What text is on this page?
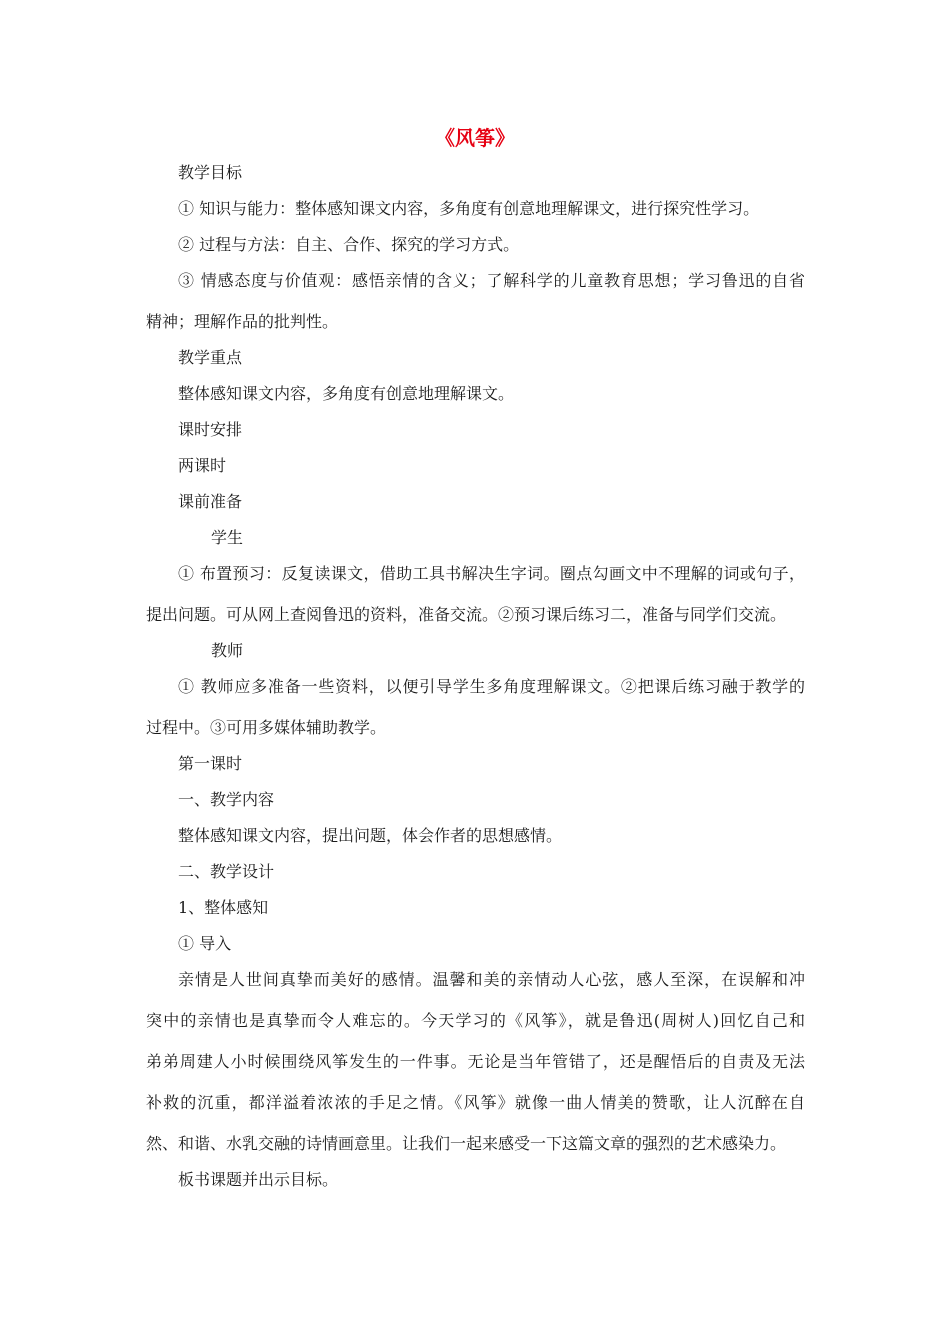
《风筝》
教学目标
① 知识与能力：整体感知课文内容，多角度有创意地理解课文，进行探究性学习。
② 过程与方法：自主、合作、探究的学习方式。
③ 情感态度与价值观：感悟亲情的含义；了解科学的儿童教育思想；学习鲁迅的自省
精神；理解作品的批判性。
教学重点
整体感知课文内容，多角度有创意地理解课文。
课时安排
两课时
课前准备
学生
① 布置预习：反复读课文，借助工具书解决生字词。圈点勾画文中不理解的词或句子，
提出问题。可从网上查阅鲁迅的资料，准备交流。②预习课后练习二，准备与同学们交流。
教师
① 教师应多准备一些资料，以便引导学生多角度理解课文。②把课后练习融于教学的
过程中。③可用多媒体辅助教学。
第一课时
一、教学内容
整体感知课文内容，提出问题，体会作者的思想感情。
二、教学设计
1、整体感知
① 导入
亲情是人世间真挚而美好的感情。温馨和美的亲情动人心弦，感人至深，在误解和冲
突中的亲情也是真挚而令人难忘的。今天学习的《风筝》，就是鲁迅(周树人)回忆自己和
弟弟周建人小时候围绕风筝发生的一件事。无论是当年管错了，还是醒悟后的自责及无法
补救的沉重，都洋溢着浓浓的手足之情。《风筝》就像一曲人情美的赞歌，让人沉醉在自
然、和谐、水乳交融的诗情画意里。让我们一起来感受一下这篇文章的强烈的艺术感染力。
板书课题并出示目标。
